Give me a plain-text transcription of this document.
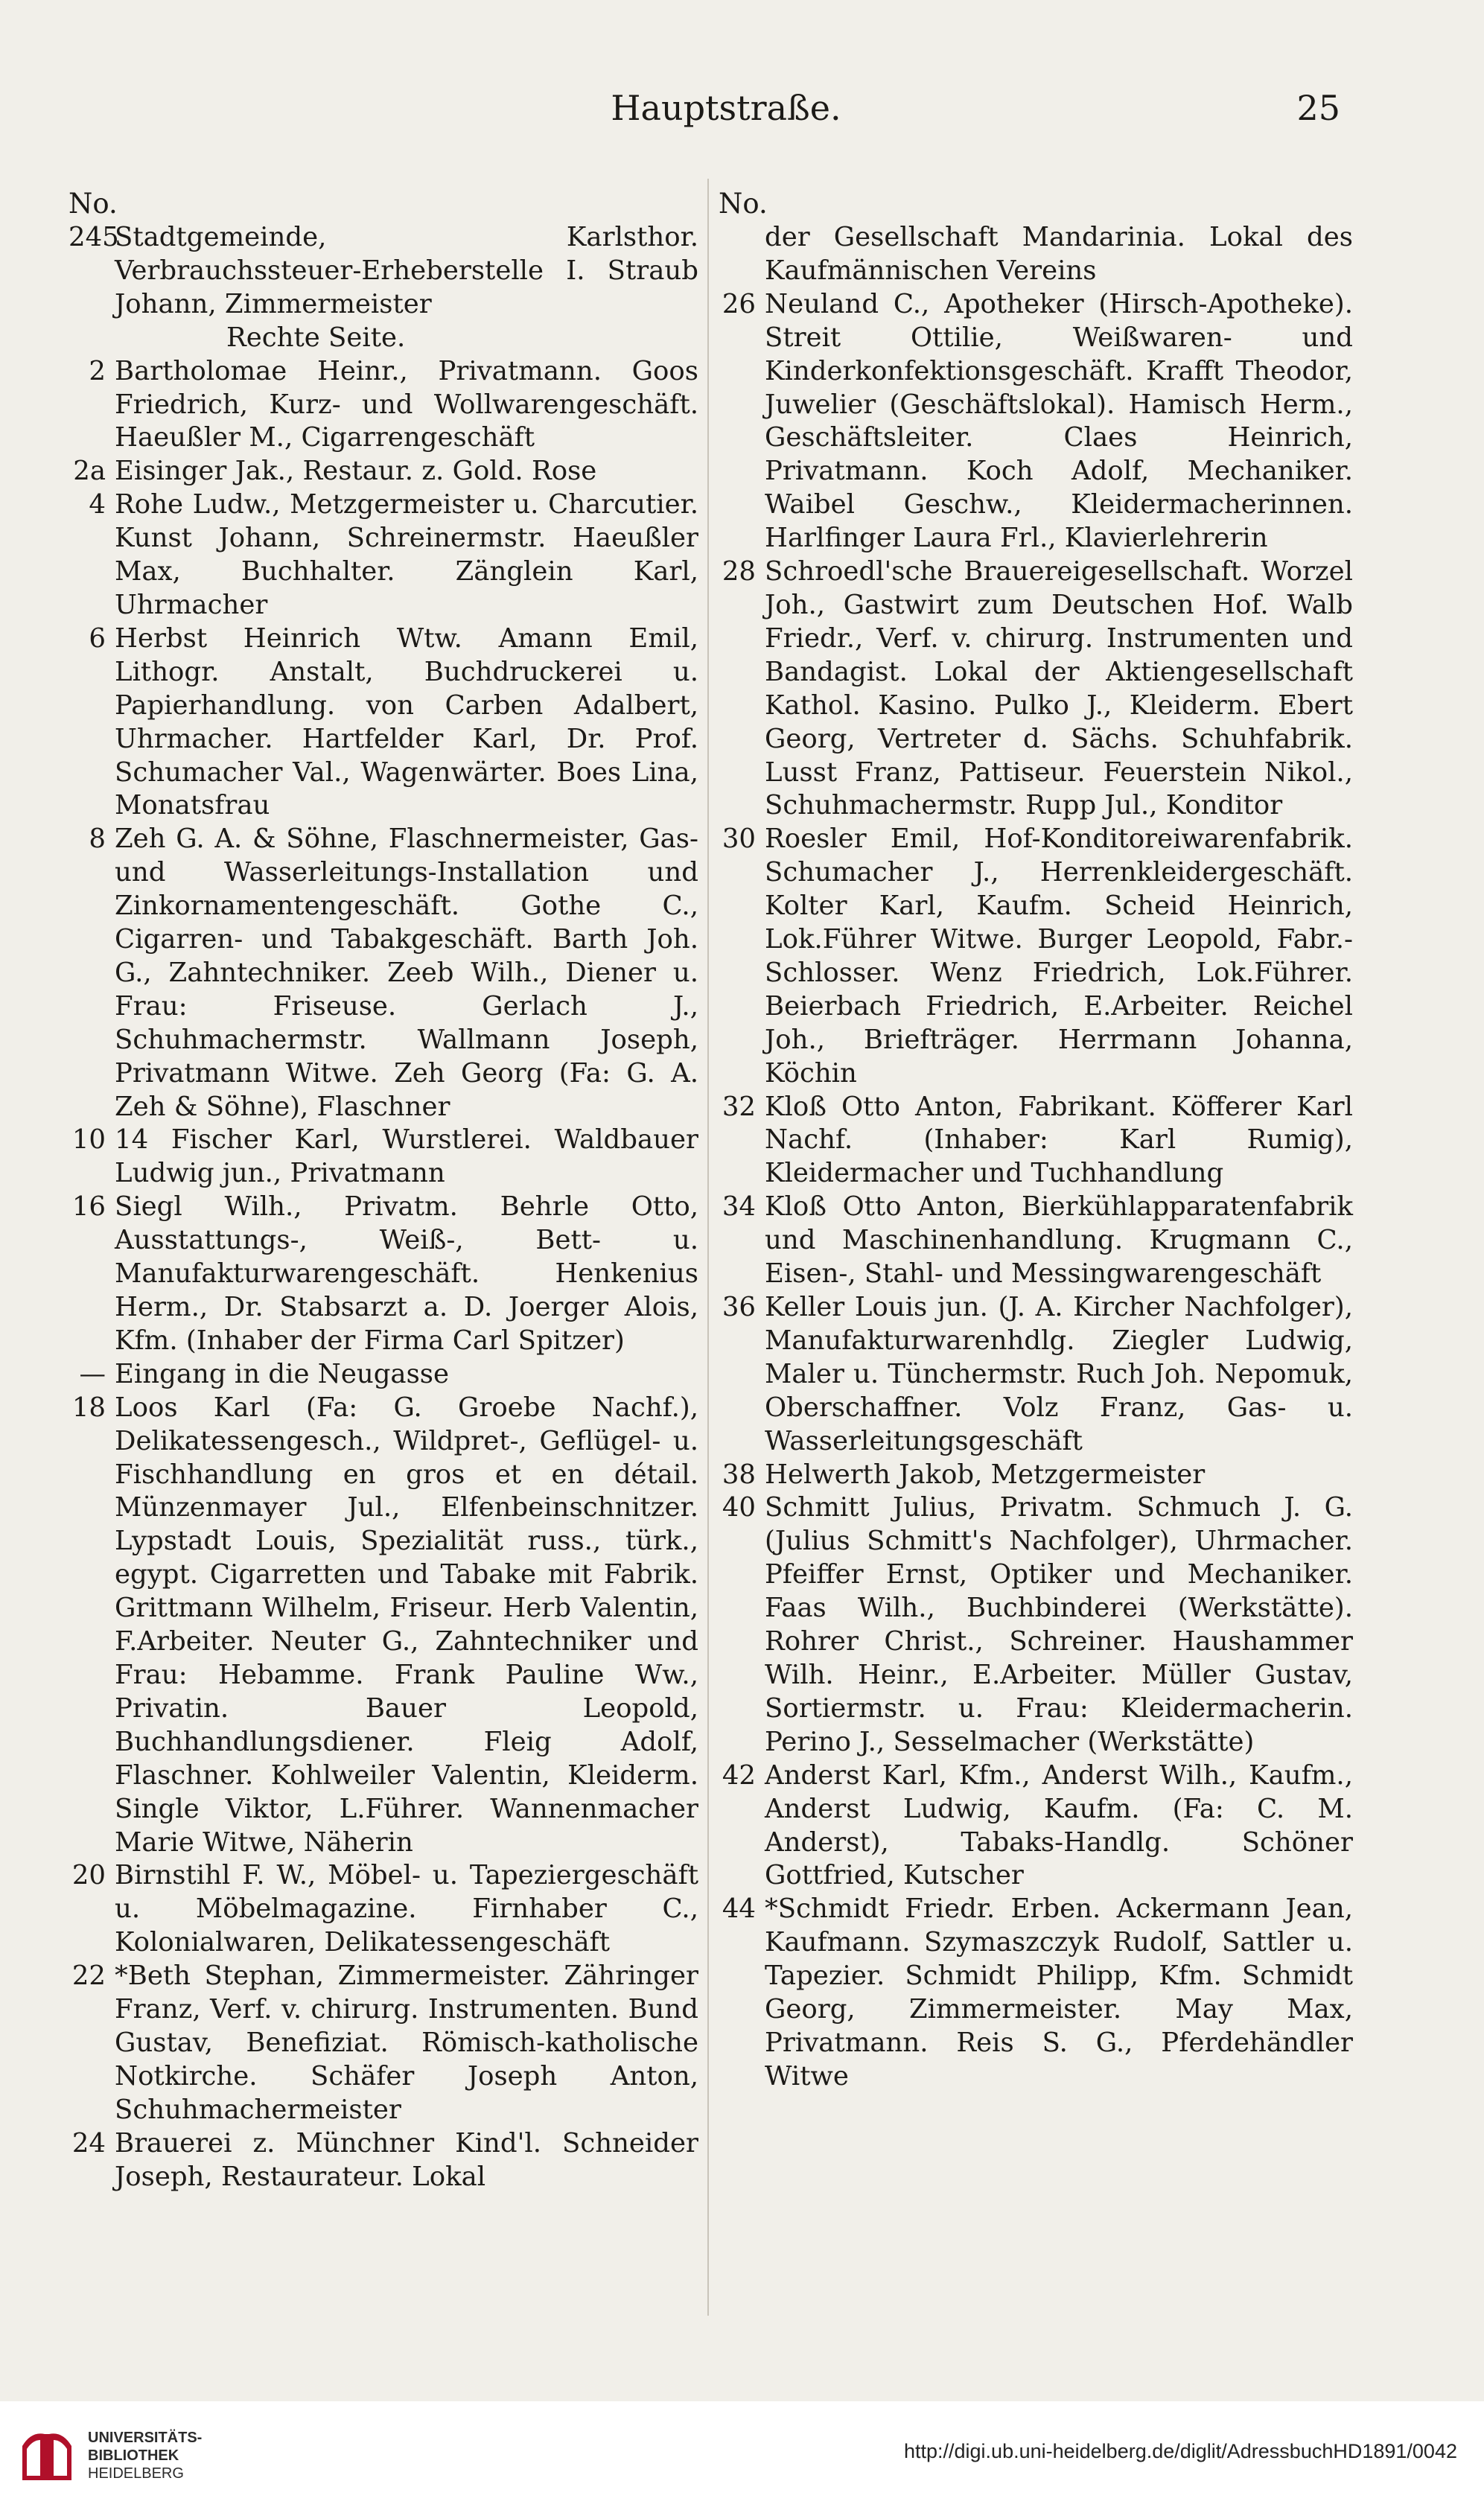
Hauptstraße.	25
No.
245
Stadtgemeinde, Karlsthor. Verbrauchssteuer-Erheberstelle I. Straub Johann, Zimmermeister
Rechte Seite.
2 Bartholomae Heinr., Privatmann. Goos Friedrich, Kurz- und Wollwarengeschäft. Haeußler M., Cigarrengeschäft
2a Eisinger Jak., Restaur. z. Gold. Rose
4 Rohe Ludw., Metzgermeister u. Charcutier. Kunst Johann, Schreinermstr. Haeußler Max, Buchhalter. Zänglein Karl, Uhrmacher
6 Herbst Heinrich Wtw. Amann Emil, Lithogr. Anstalt, Buchdruckerei u. Papierhandlung. von Carben Adalbert, Uhrmacher. Hartfelder Karl, Dr. Prof. Schumacher Val., Wagenwärter. Boes Lina, Monatsfrau
8 Zeh G. A. & Söhne, Flaschnermeister, Gas- und Wasserleitungs-Installation und Zinkornamentengeschäft. Gothe C., Cigarren- und Tabakgeschäft. Barth Joh. G., Zahntechniker. Zeeb Wilh., Diener u. Frau: Friseuse. Gerlach J., Schuhmachermstr. Wallmann Joseph, Privatmann Witwe. Zeh Georg (Fa: G. A. Zeh & Söhne), Flaschner
10 14 Fischer Karl, Wurstlerei. Waldbauer Ludwig jun., Privatmann
16 Siegl Wilh., Privatm. Behrle Otto, Ausstattungs-, Weiß-, Bett- u. Manufakturwarengeschäft. Henkenius Herm., Dr. Stabsarzt a. D. Joerger Alois, Kfm. (Inhaber der Firma Carl Spitzer)
— Eingang in die Neugasse
18 Loos Karl (Fa: G. Groebe Nachf.), Delikatessengesch., Wildpret-, Geflügel- u. Fischhandlung en gros et en détail. Münzenmayer Jul., Elfenbeinschnitzer. Lypstadt Louis, Spezialität russ., türk., egypt. Cigarretten und Tabake mit Fabrik. Grittmann Wilhelm, Friseur. Herb Valentin, F.Arbeiter. Neuter G., Zahntechniker und Frau: Hebamme. Frank Pauline Ww., Privatin. Bauer Leopold, Buchhandlungsdiener. Fleig Adolf, Flaschner. Kohlweiler Valentin, Kleiderm. Single Viktor, L.Führer. Wannenmacher Marie Witwe, Näherin
20 Birnstihl F. W., Möbel- u. Tapeziergeschäft u. Möbelmagazine. Firnhaber C., Kolonialwaren, Delikatessengeschäft
22 *Beth Stephan, Zimmermeister. Zähringer Franz, Verf. v. chirurg. Instrumenten. Bund Gustav, Benefiziat. Römisch-katholische Notkirche. Schäfer Joseph Anton, Schuhmachermeister
24 Brauerei z. Münchner Kind'l. Schneider Joseph, Restaurateur. Lokal
No.
der Gesellschaft Mandarinia. Lokal des Kaufmännischen Vereins
26 Neuland C., Apotheker (Hirsch-Apotheke). Streit Ottilie, Weißwaren- und Kinderkonfektionsgeschäft. Krafft Theodor, Juwelier (Geschäftslokal). Hamisch Herm., Geschäftsleiter. Claes Heinrich, Privatmann. Koch Adolf, Mechaniker. Waibel Geschw., Kleidermacherinnen. Harlfinger Laura Frl., Klavierlehrerin
28 Schroedl'sche Brauereigesellschaft. Worzel Joh., Gastwirt zum Deutschen Hof. Walb Friedr., Verf. v. chirurg. Instrumenten und Bandagist. Lokal der Aktiengesellschaft Kathol. Kasino. Pulko J., Kleiderm. Ebert Georg, Vertreter d. Sächs. Schuhfabrik. Lusst Franz, Pattiseur. Feuerstein Nikol., Schuhmachermstr. Rupp Jul., Konditor
30 Roesler Emil, Hof-Konditoreiwarenfabrik. Schumacher J., Herrenkleidergeschäft. Kolter Karl, Kaufm. Scheid Heinrich, Lok.Führer Witwe. Burger Leopold, Fabr.-Schlosser. Wenz Friedrich, Lok.Führer. Beierbach Friedrich, E.Arbeiter. Reichel Joh., Briefträger. Herrmann Johanna, Köchin
32 Kloß Otto Anton, Fabrikant. Köfferer Karl Nachf. (Inhaber: Karl Rumig), Kleidermacher und Tuchhandlung
34 Kloß Otto Anton, Bierkühlapparatenfabrik und Maschinenhandlung. Krugmann C., Eisen-, Stahl- und Messingwarengeschäft
36 Keller Louis jun. (J. A. Kircher Nachfolger), Manufakturwarenhdlg. Ziegler Ludwig, Maler u. Tünchermstr. Ruch Joh. Nepomuk, Oberschaffner. Volz Franz, Gas- u. Wasserleitungsgeschäft
38 Helwerth Jakob, Metzgermeister
40 Schmitt Julius, Privatm. Schmuch J. G. (Julius Schmitt's Nachfolger), Uhrmacher. Pfeiffer Ernst, Optiker und Mechaniker. Faas Wilh., Buchbinderei (Werkstätte). Rohrer Christ., Schreiner. Haushammer Wilh. Heinr., E.Arbeiter. Müller Gustav, Sortiermstr. u. Frau: Kleidermacherin. Perino J., Sesselmacher (Werkstätte)
42 Anderst Karl, Kfm., Anderst Wilh., Kaufm., Anderst Ludwig, Kaufm. (Fa: C. M. Anderst), Tabaks-Handlg. Schöner Gottfried, Kutscher
44 *Schmidt Friedr. Erben. Ackermann Jean, Kaufmann. Szymaszczyk Rudolf, Sattler u. Tapezier. Schmidt Philipp, Kfm. Schmidt Georg, Zimmermeister. May Max, Privatmann. Reis S. G., Pferdehändler Witwe
UNIVERSITÄTS-
BIBLIOTHEK
HEIDELBERG
http://digi.ub.uni-heidelberg.de/diglit/AdressbuchHD1891/0042
